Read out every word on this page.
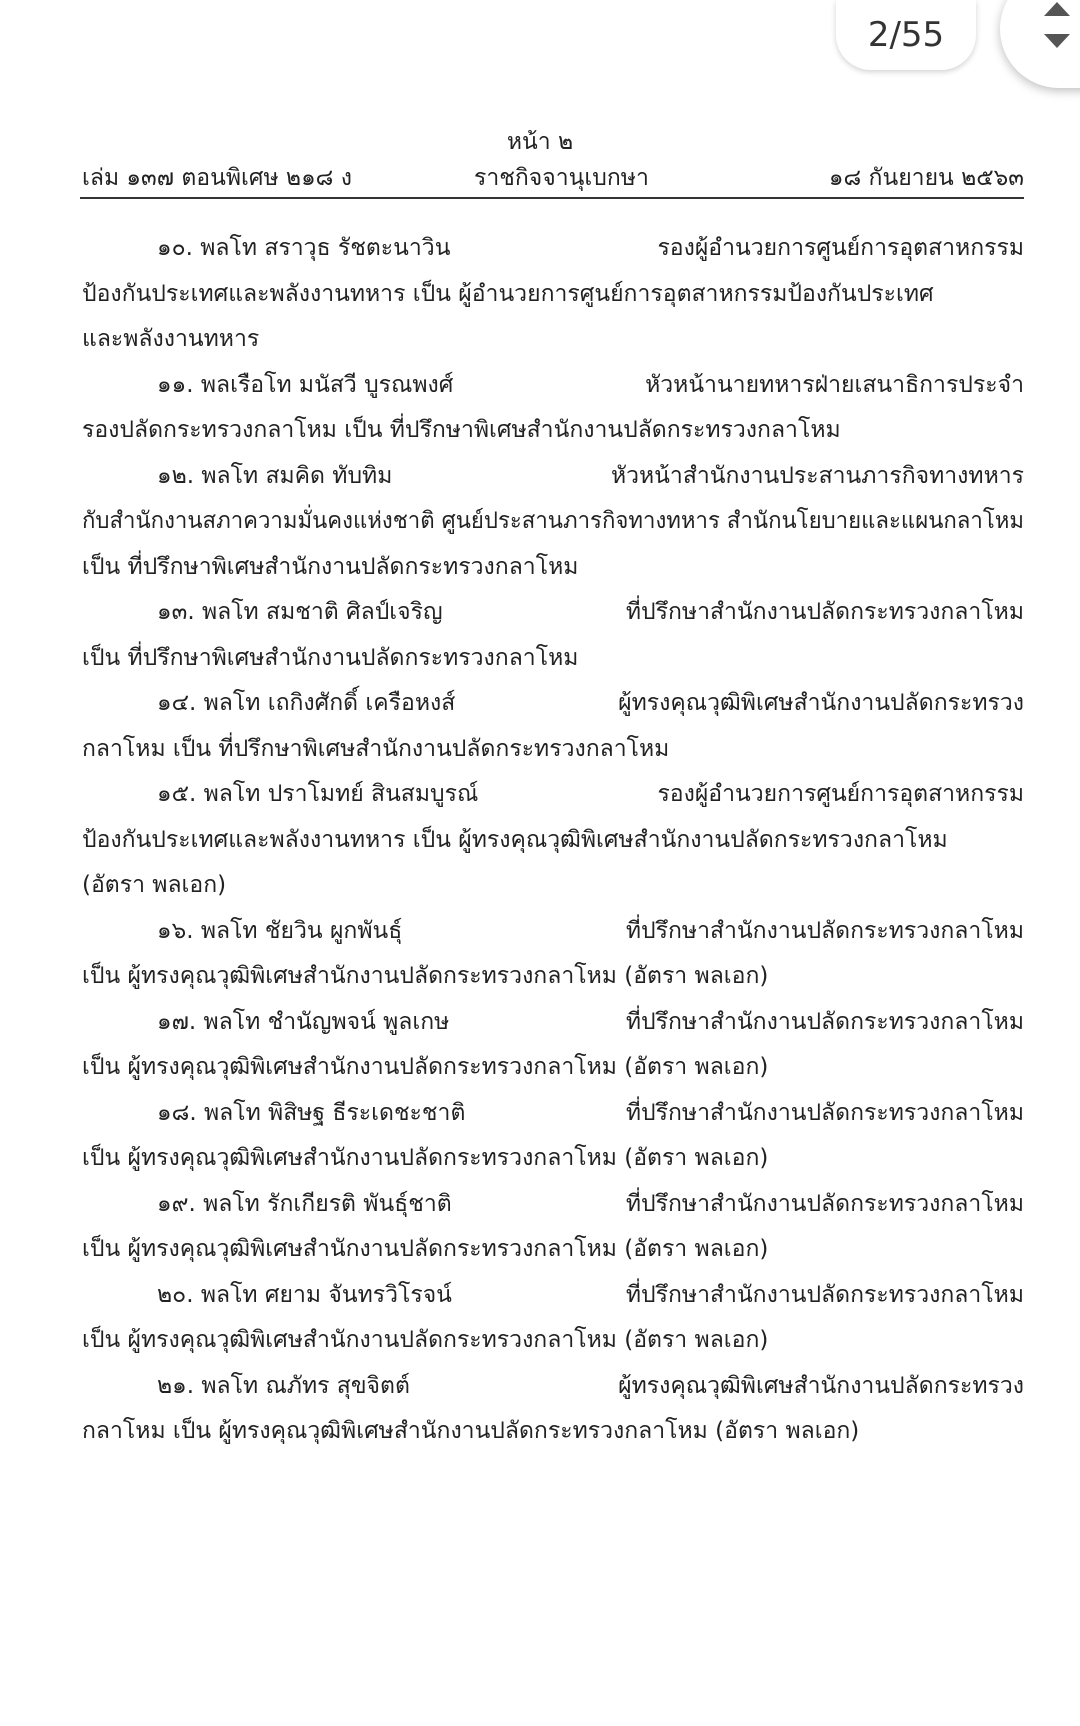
2/55
หน้า ๒
เล่ม ๑๓๗ ตอนพิเศษ ๒๑๘ ง	ราชกิจจานุเบกษา	๑๘ กันยายน ๒๕๖๓
๑๐. พลโท สราวุธ รัชตะนาวิน	รองผู้อำนวยการศูนย์การอุตสาหกรรม
ป้องกันประเทศและพลังงานทหาร เป็น ผู้อำนวยการศูนย์การอุตสาหกรรมป้องกันประเทศ
และพลังงานทหาร
๑๑. พลเรือโท มนัสวี บูรณพงศ์	หัวหน้านายทหารฝ่ายเสนาธิการประจำ
รองปลัดกระทรวงกลาโหม เป็น ที่ปรึกษาพิเศษสำนักงานปลัดกระทรวงกลาโหม
๑๒. พลโท สมคิด ทับทิม	หัวหน้าสำนักงานประสานภารกิจทางทหาร
กับสำนักงานสภาความมั่นคงแห่งชาติ ศูนย์ประสานภารกิจทางทหาร สำนักนโยบายและแผนกลาโหม
เป็น ที่ปรึกษาพิเศษสำนักงานปลัดกระทรวงกลาโหม
๑๓. พลโท สมชาติ ศิลป์เจริญ	ที่ปรึกษาสำนักงานปลัดกระทรวงกลาโหม
เป็น ที่ปรึกษาพิเศษสำนักงานปลัดกระทรวงกลาโหม
๑๔. พลโท เถกิงศักดิ์ เครือหงส์	ผู้ทรงคุณวุฒิพิเศษสำนักงานปลัดกระทรวง
กลาโหม เป็น ที่ปรึกษาพิเศษสำนักงานปลัดกระทรวงกลาโหม
๑๕. พลโท ปราโมทย์ สินสมบูรณ์	รองผู้อำนวยการศูนย์การอุตสาหกรรม
ป้องกันประเทศและพลังงานทหาร เป็น ผู้ทรงคุณวุฒิพิเศษสำนักงานปลัดกระทรวงกลาโหม
(อัตรา พลเอก)
๑๖. พลโท ชัยวิน ผูกพันธุ์	ที่ปรึกษาสำนักงานปลัดกระทรวงกลาโหม
เป็น ผู้ทรงคุณวุฒิพิเศษสำนักงานปลัดกระทรวงกลาโหม (อัตรา พลเอก)
๑๗. พลโท ชำนัญพจน์ พูลเกษ	ที่ปรึกษาสำนักงานปลัดกระทรวงกลาโหม
เป็น ผู้ทรงคุณวุฒิพิเศษสำนักงานปลัดกระทรวงกลาโหม (อัตรา พลเอก)
๑๘. พลโท พิสิษฐ ธีระเดชะชาติ	ที่ปรึกษาสำนักงานปลัดกระทรวงกลาโหม
เป็น ผู้ทรงคุณวุฒิพิเศษสำนักงานปลัดกระทรวงกลาโหม (อัตรา พลเอก)
๑๙. พลโท รักเกียรติ พันธุ์ชาติ	ที่ปรึกษาสำนักงานปลัดกระทรวงกลาโหม
เป็น ผู้ทรงคุณวุฒิพิเศษสำนักงานปลัดกระทรวงกลาโหม (อัตรา พลเอก)
๒๐. พลโท ศยาม จันทรวิโรจน์	ที่ปรึกษาสำนักงานปลัดกระทรวงกลาโหม
เป็น ผู้ทรงคุณวุฒิพิเศษสำนักงานปลัดกระทรวงกลาโหม (อัตรา พลเอก)
๒๑. พลโท ณภัทร สุขจิตต์	ผู้ทรงคุณวุฒิพิเศษสำนักงานปลัดกระทรวง
กลาโหม เป็น ผู้ทรงคุณวุฒิพิเศษสำนักงานปลัดกระทรวงกลาโหม (อัตรา พลเอก)
